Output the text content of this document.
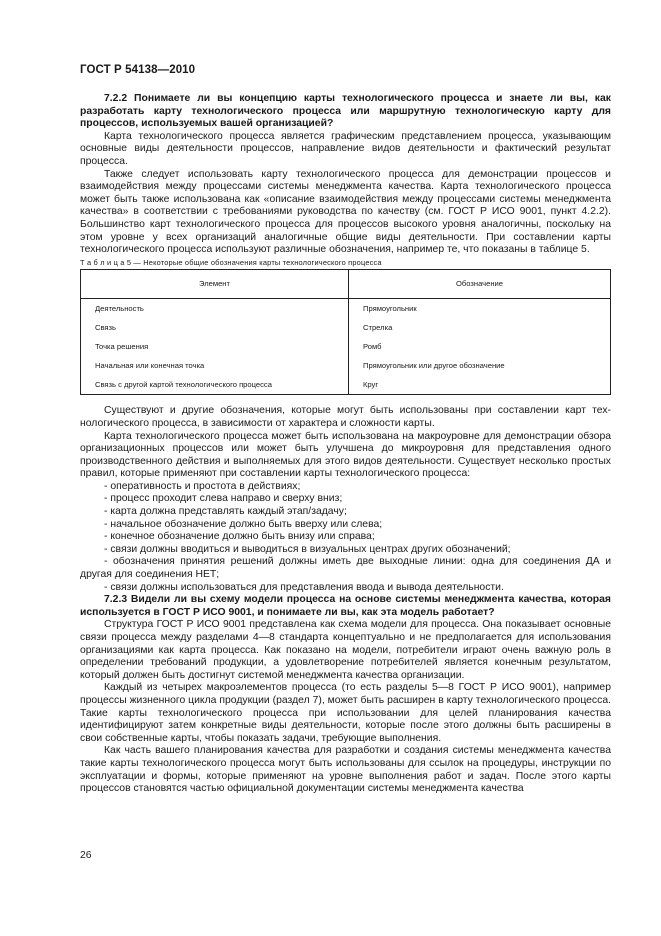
ГОСТ Р 54138—2010

7.2.2 Понимаете ли вы концепцию карты технологического процесса и знаете ли вы, как разработать карту технологического процесса или маршрутную технологическую карту для процессов, используемых вашей организацией?

Карта технологического процесса является графическим представлением процесса, указывающим основные виды деятельности процессов, направление видов деятельности и фактический результат процесса.

Также следует использовать карту технологического процесса для демонстрации процессов и взаимодействия между процессами системы менеджмента качества. Карта технологического процесса может быть также использована как «описание взаимодействия между процессами системы менеджмента качества» в соответствии с требованиями руководства по качеству (см. ГОСТ Р ИСО 9001, пункт 4.2.2). Большинство карт технологического процесса для процессов высокого уровня аналогичны, поскольку на этом уровне у всех организаций аналогичные общие виды деятельности. При составлении карты технологического процесса используют различные обозначения, например те, что показаны в таблице 5.

Т а б л и ц а 5 — Некоторые общие обозначения карты технологического процесса

Элемент	Обозначение
Деятельность	Прямоугольник
Связь	Стрелка
Точка решения	Ромб
Начальная или конечная точка	Прямоугольник или другое обозначение
Связь с другой картой технологического процесса	Круг

Существуют и другие обозначения, которые могут быть использованы при составлении карт технологического процесса, в зависимости от характера и сложности карты.

Карта технологического процесса может быть использована на макроуровне для демонстрации обзора организационных процессов или может быть улучшена до микроуровня для представления одного производственного действия и выполняемых для этого видов деятельности. Существует несколько простых правил, которые применяют при составлении карты технологического процесса:

- оперативность и простота в действиях;
- процесс проходит слева направо и сверху вниз;
- карта должна представлять каждый этап/задачу;
- начальное обозначение должно быть вверху или слева;
- конечное обозначение должно быть внизу или справа;
- связи должны вводиться и выводиться в визуальных центрах других обозначений;
- обозначения принятия решений должны иметь две выходные линии: одна для соединения ДА и другая для соединения НЕТ;
- связи должны использоваться для представления ввода и вывода деятельности.

7.2.3 Видели ли вы схему модели процесса на основе системы менеджмента качества, которая используется в ГОСТ Р ИСО 9001, и понимаете ли вы, как эта модель работает?

Структура ГОСТ Р ИСО 9001 представлена как схема модели для процесса. Она показывает основные связи процесса между разделами 4—8 стандарта концептуально и не предполагается для использования организациями как карта процесса. Как показано на модели, потребители играют очень важную роль в определении требований продукции, а удовлетворение потребителей является конечным результатом, который должен быть достигнут системой менеджмента качества организации.

Каждый из четырех макроэлементов процесса (то есть разделы 5—8 ГОСТ Р ИСО 9001), например процессы жизненного цикла продукции (раздел 7), может быть расширен в карту технологического процесса. Такие карты технологического процесса при использовании для целей планирования качества идентифицируют затем конкретные виды деятельности, которые после этого должны быть расширены в свои собственные карты, чтобы показать задачи, требующие выполнения.

Как часть вашего планирования качества для разработки и создания системы менеджмента качества такие карты технологического процесса могут быть использованы для ссылок на процедуры, инструкции по эксплуатации и формы, которые применяют на уровне выполнения работ и задач. После этого карты процессов становятся частью официальной документации системы менеджмента качества

26
